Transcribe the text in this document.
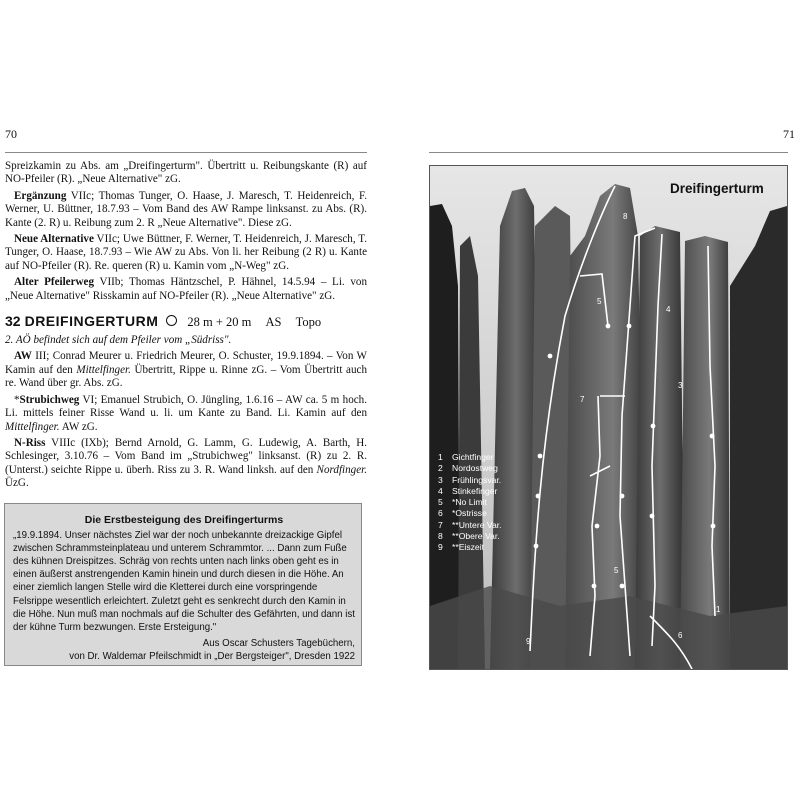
70	71

Spreizkamin zu Abs. am „Dreifingerturm". Übertritt u. Reibungskante (R) auf NO-Pfeiler (R). „Neue Alternative" zG.

Ergänzung VIIc; Thomas Tunger, O. Haase, J. Maresch, T. Heidenreich, F. Werner, U. Büttner, 18.7.93 – Vom Band des AW Rampe linksanst. zu Abs. (R). Kante (2. R) u. Reibung zum 2. R „Neue Alternative". Diese zG.

Neue Alternative VIIc; Uwe Büttner, F. Werner, T. Heidenreich, J. Maresch, T. Tunger, O. Haase, 18.7.93 – Wie AW zu Abs. Von li. her Reibung (2 R) u. Kante auf NO-Pfeiler (R). Re. queren (R) u. Kamin vom „N-Weg" zG.

Alter Pfeilerweg VIIb; Thomas Häntzschel, P. Hähnel, 14.5.94 – Li. von „Neue Alternative" Risskamin auf NO-Pfeiler (R). „Neue Alternative" zG.

32 DREIFINGERTURM 28 m + 20 m AS Topo

2. AÖ befindet sich auf dem Pfeiler vom „Südriss".

AW III; Conrad Meurer u. Friedrich Meurer, O. Schuster, 19.9.1894. – Von W Kamin auf den Mittelfinger. Übertritt, Rippe u. Rinne zG. – Vom Übertritt auch re. Wand über gr. Abs. zG.

*Strubichweg VI; Emanuel Strubich, O. Jüngling, 1.6.16 – AW ca. 5 m hoch. Li. mittels feiner Risse Wand u. li. um Kante zu Band. Li. Kamin auf den Mittelfinger. AW zG.

N-Riss VIIIc (IXb); Bernd Arnold, G. Lamm, G. Ludewig, A. Barth, H. Schlesinger, 3.10.76 – Vom Band im „Strubichweg" linksanst. (R) zu 2. R. (Unterst.) seichte Rippe u. überh. Riss zu 3. R. Wand linksh. auf den Nordfinger. ÜzG.

Die Erstbesteigung des Dreifingerturms

„19.9.1894. Unser nächstes Ziel war der noch unbekannte dreizackige Gipfel zwischen Schrammsteinplateau und unterem Schrammtor. ... Dann zum Fuße des kühnen Dreispitzes. Schräg von rechts unten nach links oben geht es in einen äußerst anstrengenden Kamin hinein und durch diesen in die Höhe. An einer ziemlich langen Stelle wird die Kletterei durch eine vorspringende Felsrippe wesentlich erleichtert. Zuletzt geht es senkrecht durch den Kamin in die Höhe. Nun muß man nochmals auf die Schulter des Gefährten, und dann ist der kühne Turm bezwungen. Erste Ersteigung."

Aus Oscar Schusters Tagebüchern,
von Dr. Waldemar Pfeilschmidt in „Der Bergsteiger", Dresden 1922

9
6
1
3
4
5
5
7
8
Dreifingerturm
1	Gichtfinger
2	Nordostweg
3	Frühlingsvar.
4	Stinkefinger
5	*No Limit
6	*Ostrisse
7	**Untere Var.
8	**Obere Var.
9	**Eiszeit
